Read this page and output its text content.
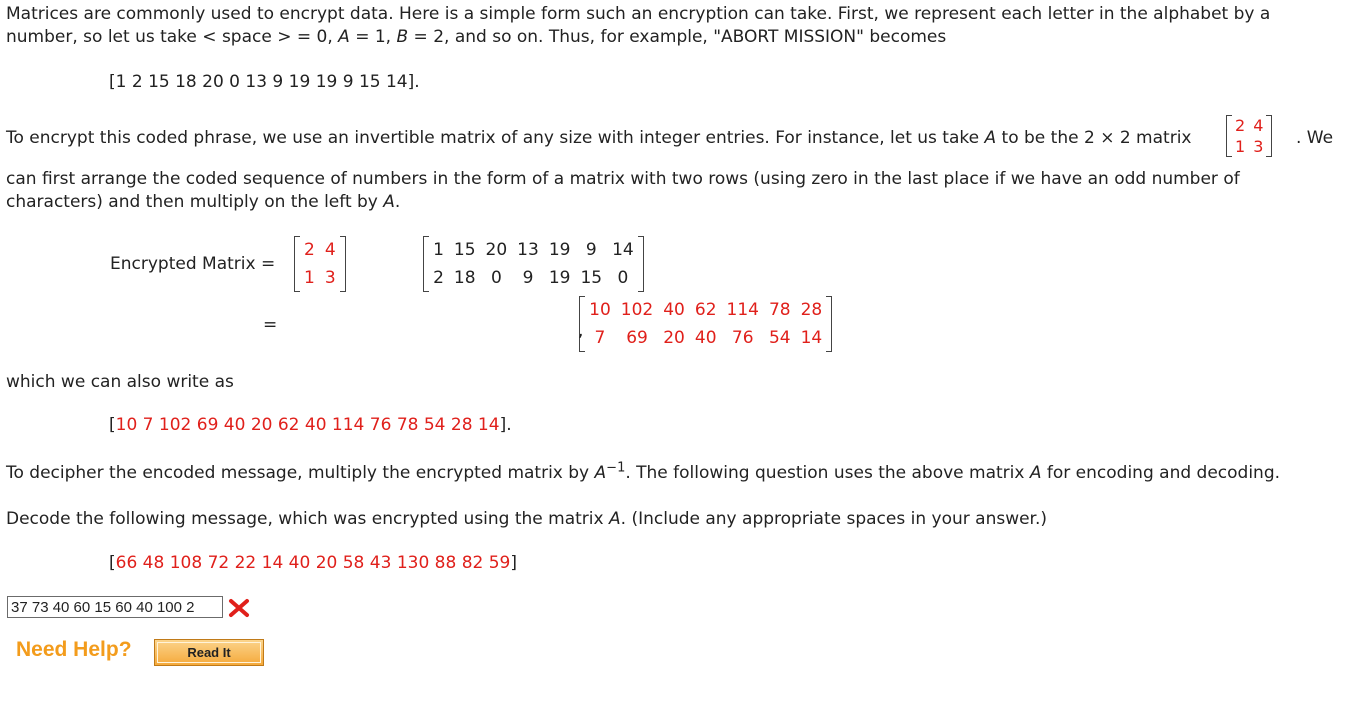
Matrices are commonly used to encrypt data. Here is a simple form such an encryption can take. First, we represent each letter in the alphabet by a
number, so let us take < space > = 0, A = 1, B = 2, and so on. Thus, for example, "ABORT MISSION" becomes
[1 2 15 18 20 0 13 9 19 19 9 15 14].
To encrypt this coded phrase, we use an invertible matrix of any size with integer entries. For instance, let us take A to be the 2 × 2 matrix
2	4
1	3 . We
can first arrange the coded sequence of numbers in the form of a matrix with two rows (using zero in the last place if we have an odd number of
characters) and then multiply on the left by A.
Encrypted Matrix =
2	4
1	3

1	15	20	13	19	9	14
2	18	0	9	19	15	0

=
10	102	40	62	114	78	28
7	69	20	40	76	54	14

,
which we can also write as
[10 7 102 69 40 20 62 40 114 76 78 54 28 14].
To decipher the encoded message, multiply the encrypted matrix by $A^{-1}$. The following question uses the above matrix A for encoding and decoding.
Decode the following message, which was encrypted using the matrix A. (Include any appropriate spaces in your answer.)
[66 48 108 72 22 14 40 20 58 43 130 88 82 59]
37 73 40 60 15 60 40 100 2
Need Help?	Read It
